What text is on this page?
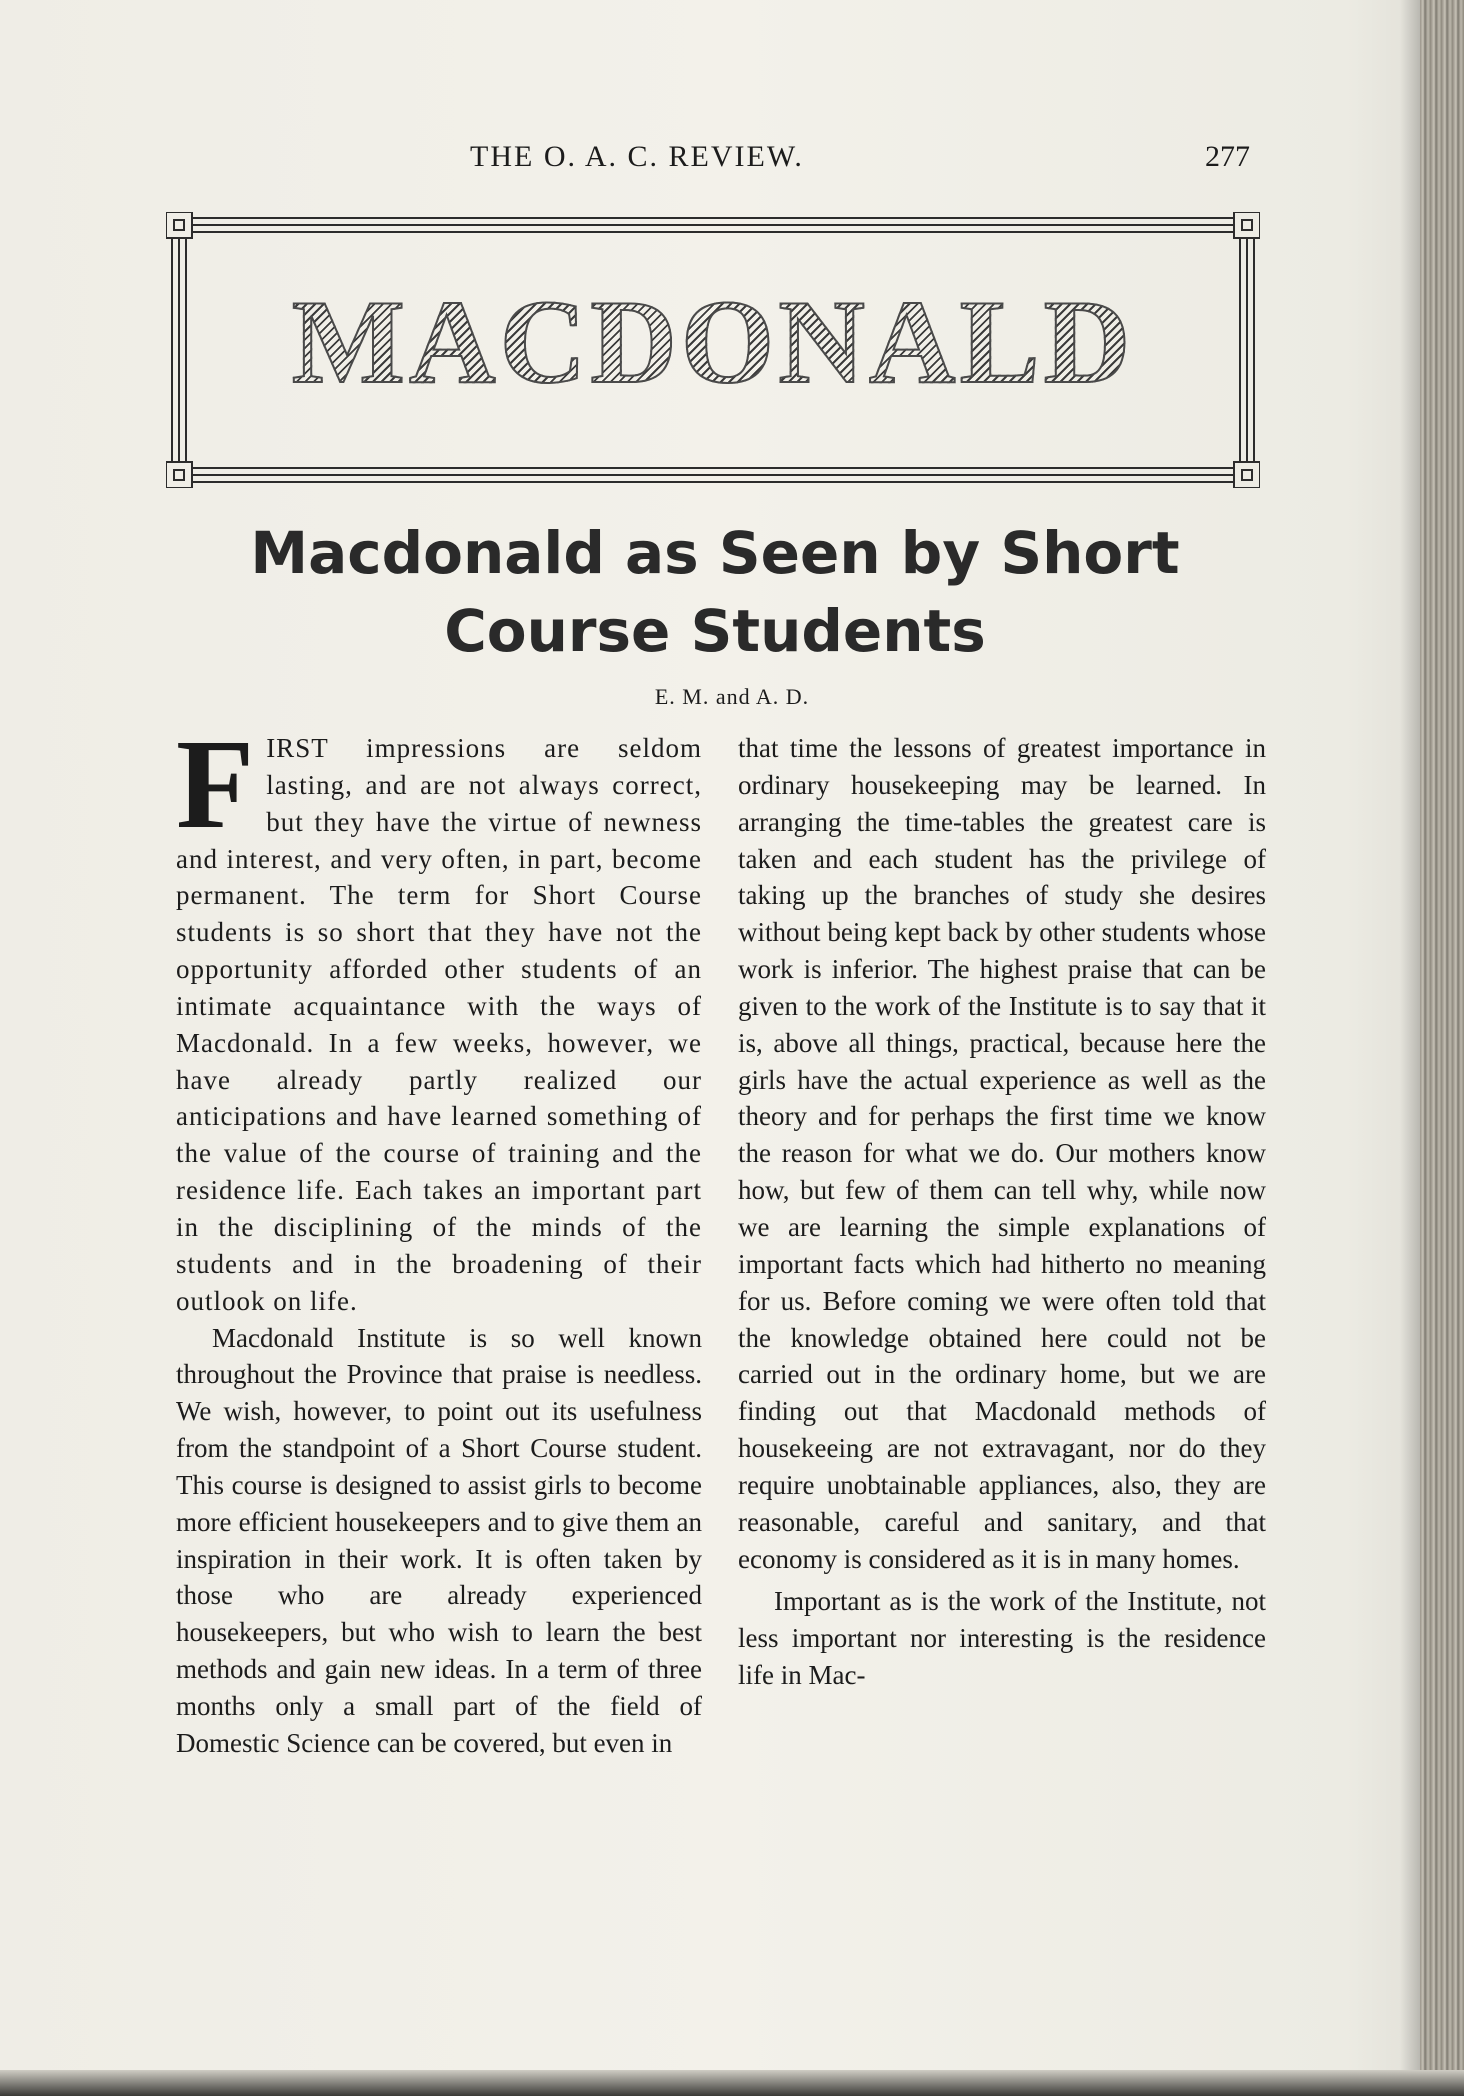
THE O. A. C. REVIEW.	277
MACDONALD
Macdonald as Seen by Short
Course Students
E. M. and A. D.

FIRST impressions are seldom lasting, and are not always correct, but they have the virtue of newness and interest, and very often, in part, become permanent. The term for Short Course students is so short that they have not the opportunity afforded other students of an intimate acquaintance with the ways of Macdonald. In a few weeks, however, we have already partly realized our anticipations and have learned something of the value of the course of training and the residence life. Each takes an important part in the disciplining of the minds of the students and in the broadening of their outlook on life.

Macdonald Institute is so well known throughout the Province that praise is needless. We wish, however, to point out its usefulness from the standpoint of a Short Course student. This course is designed to assist girls to become more efficient housekeepers and to give them an inspiration in their work. It is often taken by those who are already experienced housekeepers, but who wish to learn the best methods and gain new ideas. In a term of three months only a small part of the field of Domestic Science can be covered, but even in

that time the lessons of greatest importance in ordinary housekeeping may be learned. In arranging the time-tables the greatest care is taken and each student has the privilege of taking up the branches of study she desires without being kept back by other students whose work is inferior. The highest praise that can be given to the work of the Institute is to say that it is, above all things, practical, because here the girls have the actual experience as well as the theory and for perhaps the first time we know the reason for what we do. Our mothers know how, but few of them can tell why, while now we are learning the simple explanations of important facts which had hitherto no meaning for us. Before coming we were often told that the knowledge obtained here could not be carried out in the ordinary home, but we are finding out that Macdonald methods of housekeeing are not extravagant, nor do they require unobtainable appliances, also, they are reasonable, careful and sanitary, and that economy is considered as it is in many homes.

Important as is the work of the Institute, not less important nor interesting is the residence life in Mac-
